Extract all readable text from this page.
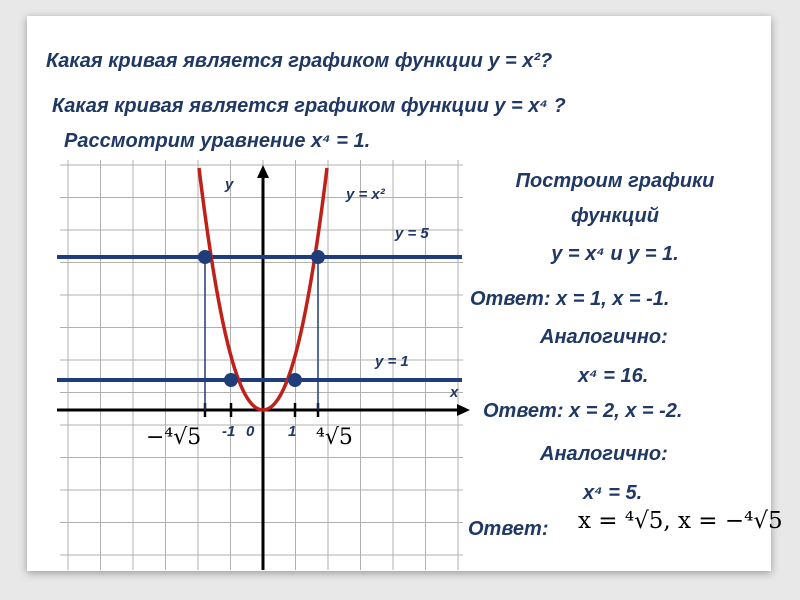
Какая кривая является графиком функции y = x²?
Какая кривая является графиком функции y = x⁴ ?
Рассмотрим уравнение x⁴ = 1.
Построим графики
функций
y = x⁴ и y = 1.
Ответ: x = 1, x = -1.
Аналогично:
x⁴ = 16.
Ответ: x = 2, x = -2.
Аналогично:
x⁴ = 5.
Ответ: x = ⁴√5, x = −⁴√5
y
x
y = x²
y = 5
y = 1
-1 0 1
−⁴√5	⁴√5
